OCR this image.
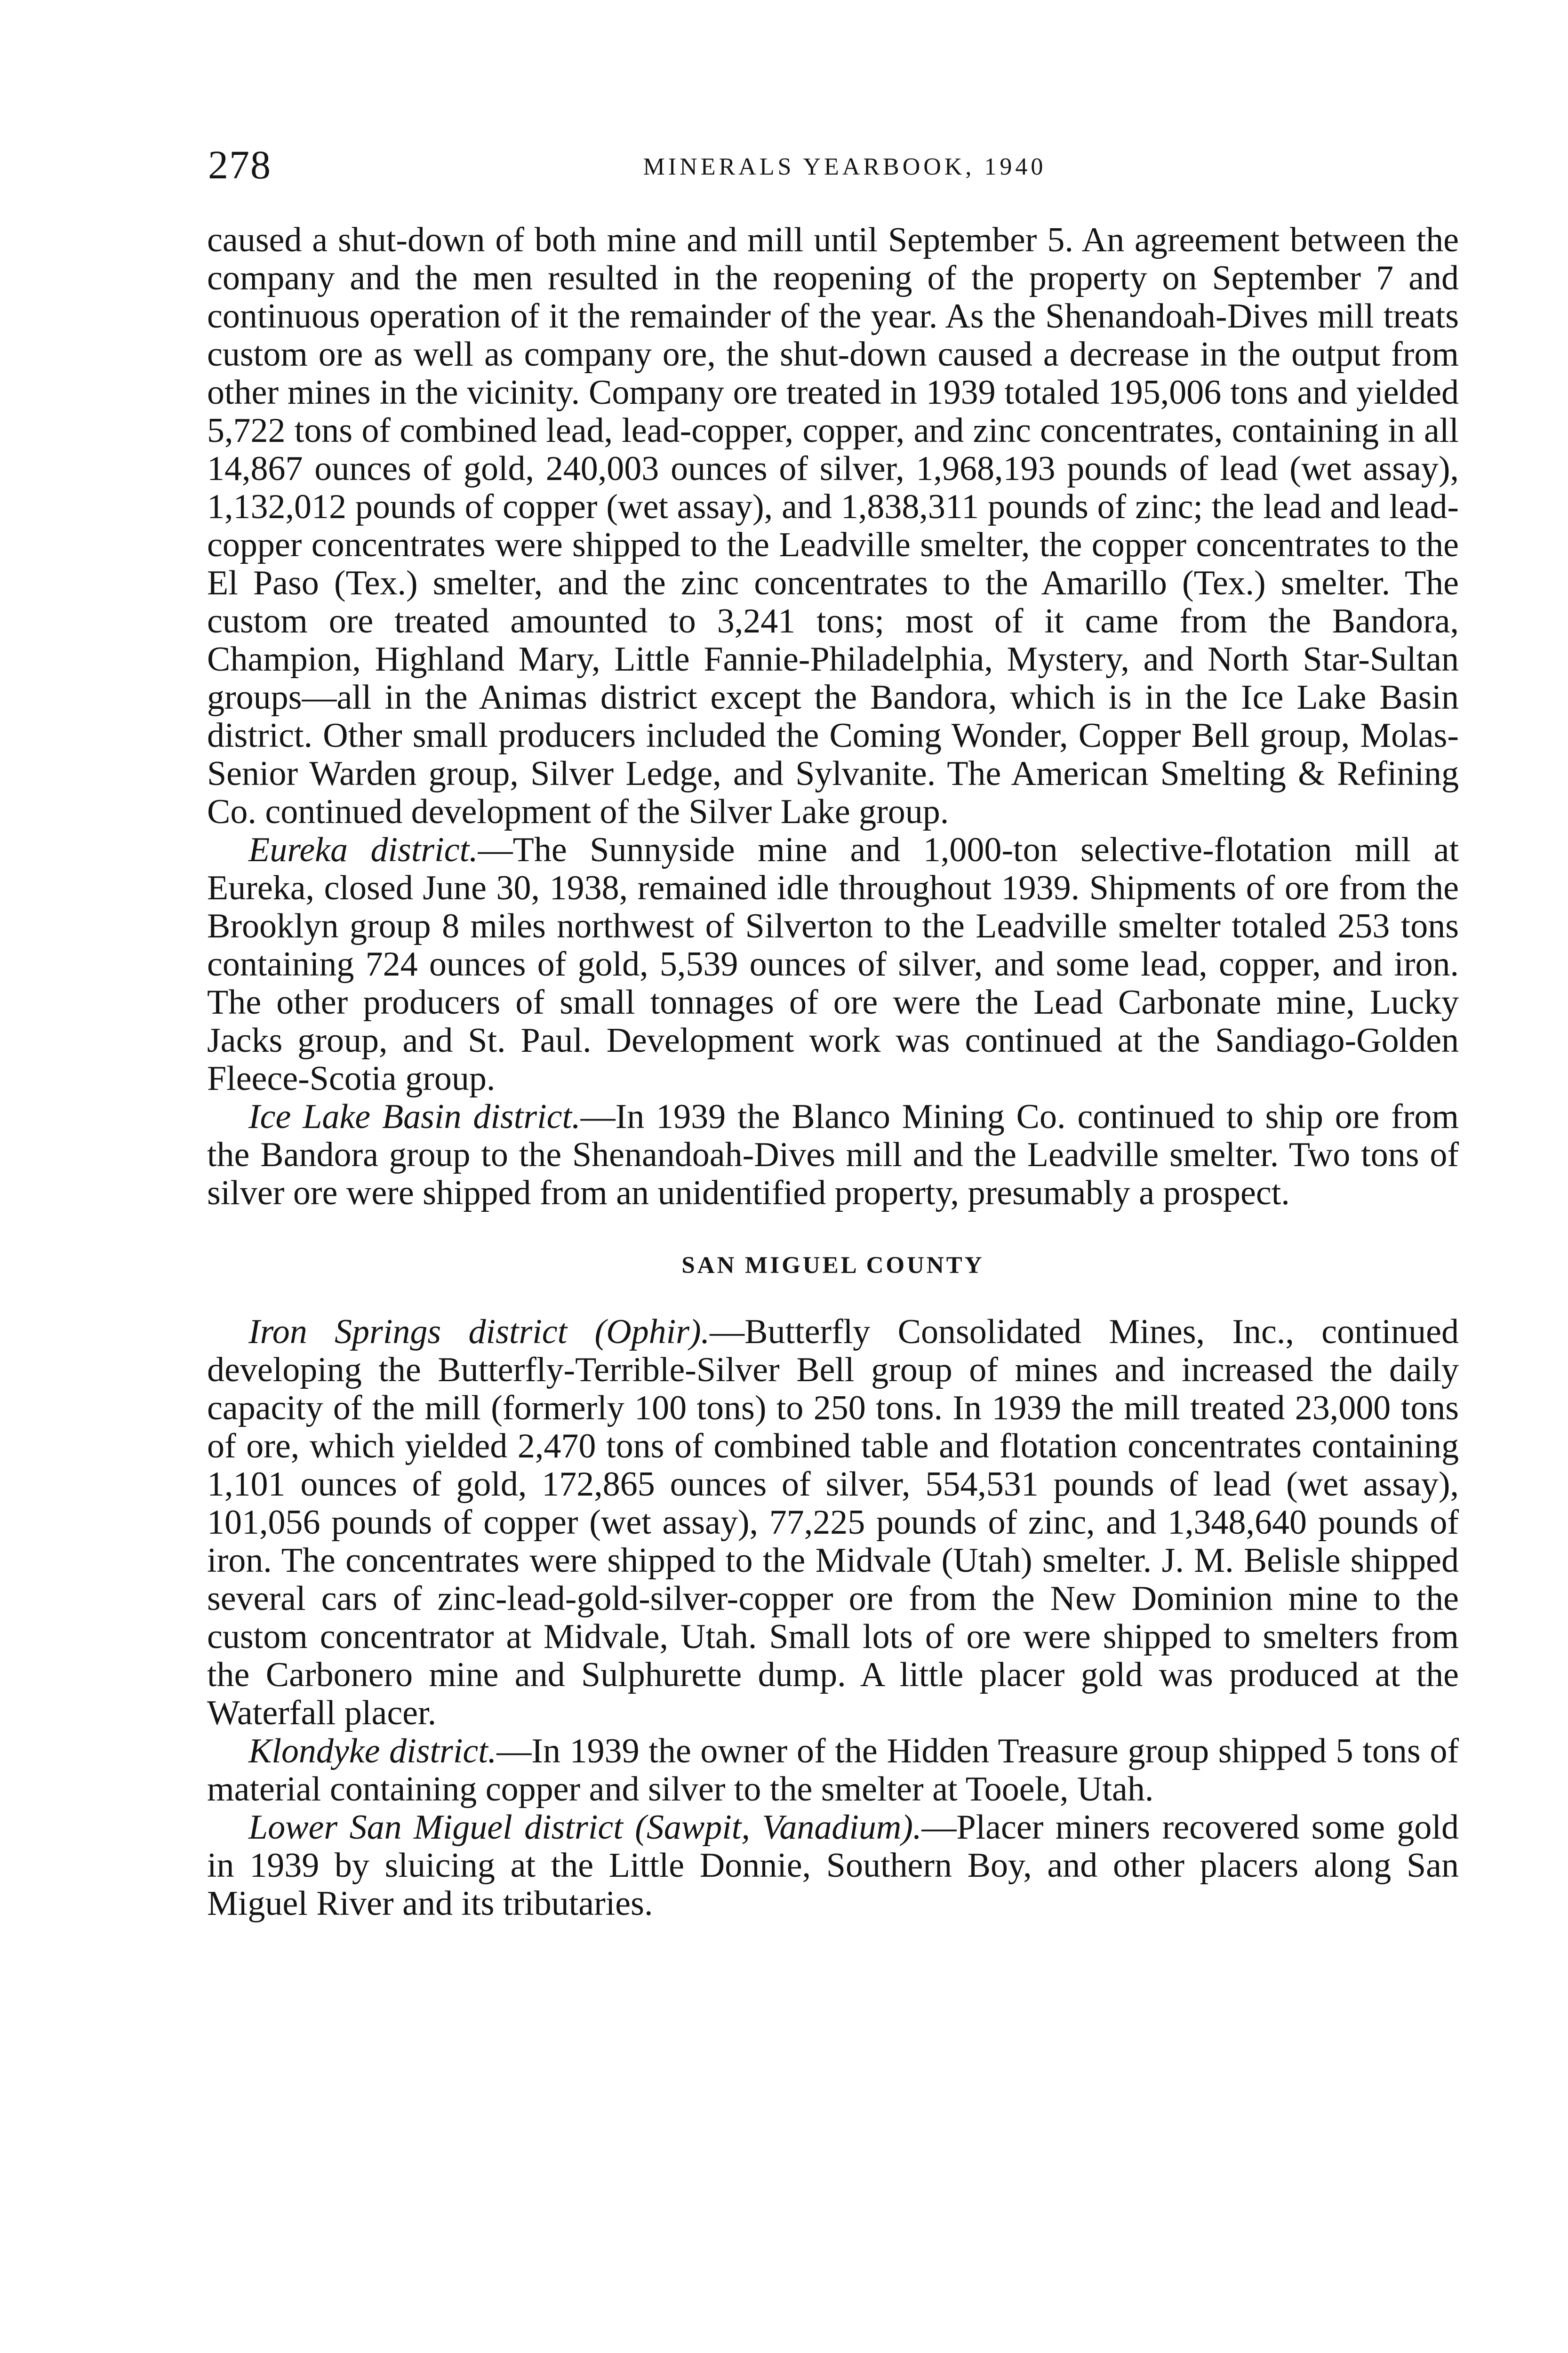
278	MINERALS YEARBOOK, 1940

caused a shut-down of both mine and mill until September 5. An agreement between the company and the men resulted in the reopening of the property on September 7 and continuous operation of it the remainder of the year. As the Shenandoah-Dives mill treats custom ore as well as company ore, the shut-down caused a decrease in the output from other mines in the vicinity. Company ore treated in 1939 totaled 195,006 tons and yielded 5,722 tons of combined lead, lead-copper, copper, and zinc concentrates, containing in all 14,867 ounces of gold, 240,003 ounces of silver, 1,968,193 pounds of lead (wet assay), 1,132,012 pounds of copper (wet assay), and 1,838,311 pounds of zinc; the lead and lead-copper concentrates were shipped to the Leadville smelter, the copper concentrates to the El Paso (Tex.) smelter, and the zinc concentrates to the Amarillo (Tex.) smelter. The custom ore treated amounted to 3,241 tons; most of it came from the Bandora, Champion, Highland Mary, Little Fannie-Philadelphia, Mystery, and North Star-Sultan groups—all in the Animas district except the Bandora, which is in the Ice Lake Basin district. Other small producers included the Coming Wonder, Copper Bell group, Molas-Senior Warden group, Silver Ledge, and Sylvanite. The American Smelting & Refining Co. continued development of the Silver Lake group.

Eureka district.—The Sunnyside mine and 1,000-ton selective-flotation mill at Eureka, closed June 30, 1938, remained idle throughout 1939. Shipments of ore from the Brooklyn group 8 miles northwest of Silverton to the Leadville smelter totaled 253 tons containing 724 ounces of gold, 5,539 ounces of silver, and some lead, copper, and iron. The other producers of small tonnages of ore were the Lead Carbonate mine, Lucky Jacks group, and St. Paul. Development work was continued at the Sandiago-Golden Fleece-Scotia group.

Ice Lake Basin district.—In 1939 the Blanco Mining Co. continued to ship ore from the Bandora group to the Shenandoah-Dives mill and the Leadville smelter. Two tons of silver ore were shipped from an unidentified property, presumably a prospect.

SAN MIGUEL COUNTY

Iron Springs district (Ophir).—Butterfly Consolidated Mines, Inc., continued developing the Butterfly-Terrible-Silver Bell group of mines and increased the daily capacity of the mill (formerly 100 tons) to 250 tons. In 1939 the mill treated 23,000 tons of ore, which yielded 2,470 tons of combined table and flotation concentrates containing 1,101 ounces of gold, 172,865 ounces of silver, 554,531 pounds of lead (wet assay), 101,056 pounds of copper (wet assay), 77,225 pounds of zinc, and 1,348,640 pounds of iron. The concentrates were shipped to the Midvale (Utah) smelter. J. M. Belisle shipped several cars of zinc-lead-gold-silver-copper ore from the New Dominion mine to the custom concentrator at Midvale, Utah. Small lots of ore were shipped to smelters from the Carbonero mine and Sulphurette dump. A little placer gold was produced at the Waterfall placer.

Klondyke district.—In 1939 the owner of the Hidden Treasure group shipped 5 tons of material containing copper and silver to the smelter at Tooele, Utah.

Lower San Miguel district (Sawpit, Vanadium).—Placer miners recovered some gold in 1939 by sluicing at the Little Donnie, Southern Boy, and other placers along San Miguel River and its tributaries.
